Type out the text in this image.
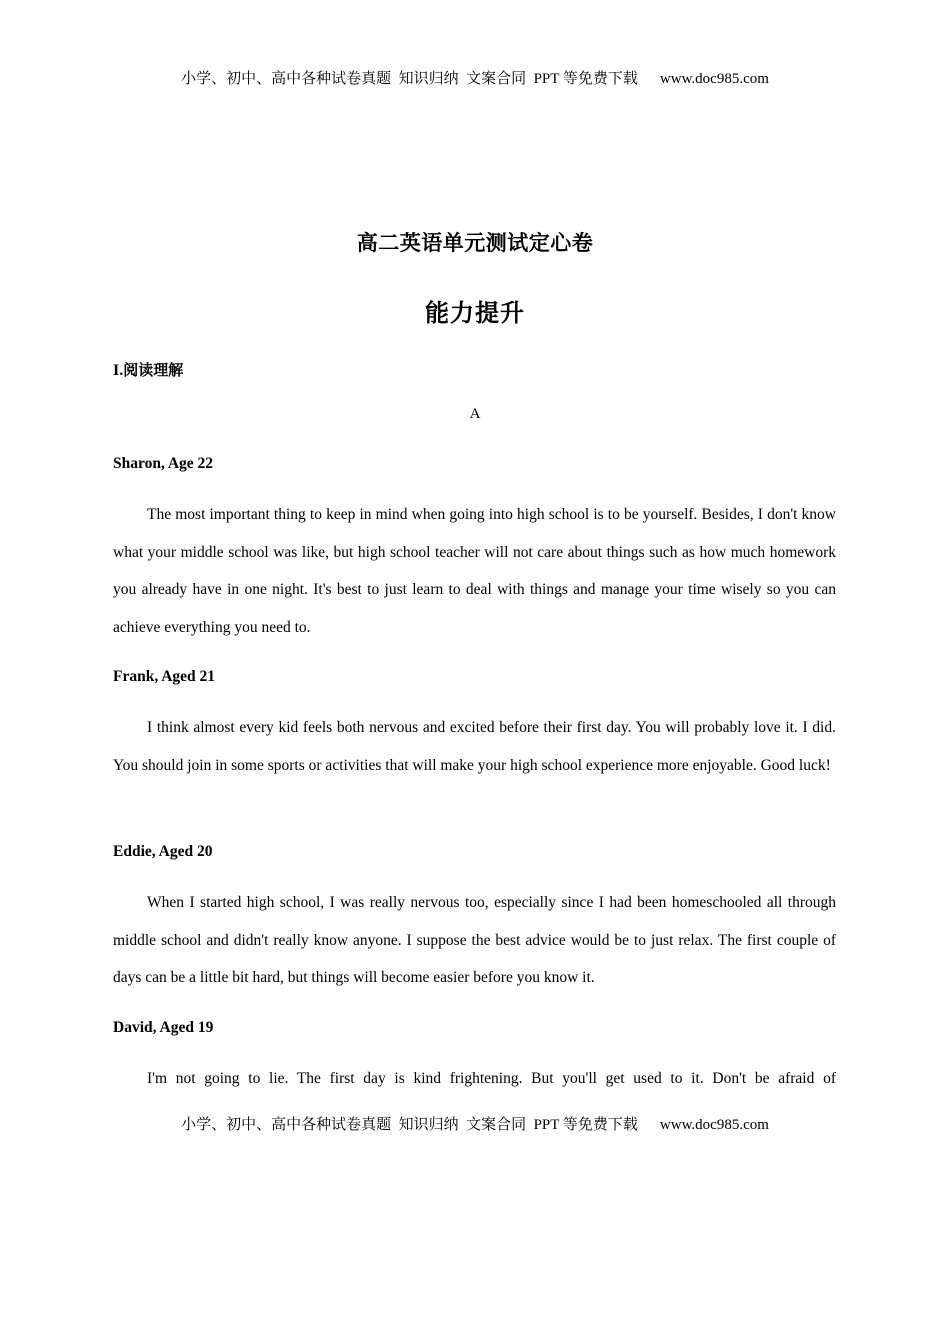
小学、初中、高中各种试卷真题  知识归纳  文案合同  PPT 等免费下载 www.doc985.com
高二英语单元测试定心卷
能力提升
I.阅读理解
A
Sharon, Age 22

The most important thing to keep in mind when going into high school is to be yourself. Besides, I don't know what your middle school was like, but high school teacher will not care about things such as how much homework you already have in one night. It's best to just learn to deal with things and manage your time wisely so you can achieve everything you need to.

Frank, Aged 21

I think almost every kid feels both nervous and excited before their first day. You will probably love it. I did. You should join in some sports or activities that will make your high school experience more enjoyable. Good luck!

Eddie, Aged 20

When I started high school, I was really nervous too, especially since I had been homeschooled all through middle school and didn't really know anyone. I suppose the best advice would be to just relax. The first couple of days can be a little bit hard, but things will become easier before you know it.

David, Aged 19

I'm not going to lie. The first day is kind frightening. But you'll get used to it. Don't be afraid of

小学、初中、高中各种试卷真题  知识归纳  文案合同  PPT 等免费下载 www.doc985.com
